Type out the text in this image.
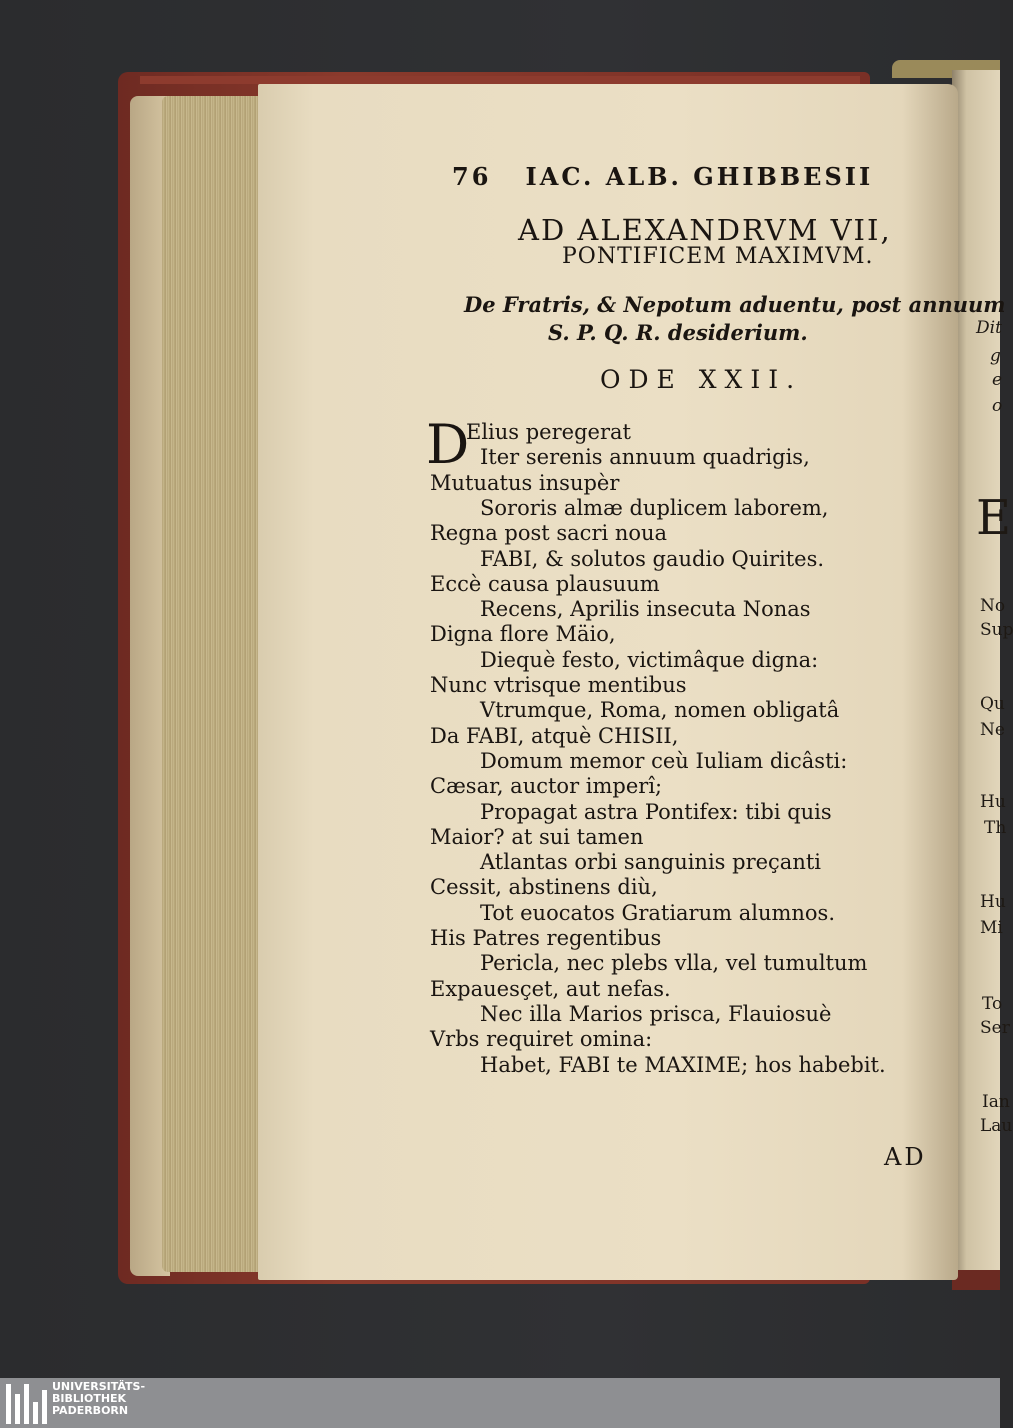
76 IAC. ALB. GHIBBESII
AD ALEXANDRVM VII,
PONTIFICEM MAXIMVM.
De Fratris, & Nepotum aduentu, post annuum
S. P. Q. R. desiderium.
ODE XXII.
D
Elius peregerat
Iter serenis annuum quadrigis,
Mutuatus insupèr
Sororis almæ duplicem laborem,
Regna post sacri noua
FABI, & solutos gaudio Quirites.
Eccè causa plausuum
Recens, Aprilis insecuta Nonas
Digna flore Mäio,
Diequè festo, victimâque digna:
Nunc vtrisque mentibus
Vtrumque, Roma, nomen obligatâ
Da FABI, atquè CHISII,
Domum memor ceù Iuliam dicâsti:
Cæsar, auctor imperî;
Propagat astra Pontifex: tibi quis
Maior? at sui tamen
Atlantas orbi sanguinis preçanti
Cessit, abstinens diù,
Tot euocatos Gratiarum alumnos.
His Patres regentibus
Pericla, nec plebs vlla, vel tumultum
Expauesçet, aut nefas.
Nec illa Marios prisca, Flauiosuè
Vrbs requiret omina:
Habet, FABI te MAXIME; hos habebit.
AD
Dit
g
e
o
No
Sup
Qu
Ne
Hu
Th
Hu
Mi
To
Ser
Ian
Lau
E
UNIVERSITÄTS-
BIBLIOTHEK
PADERBORN
